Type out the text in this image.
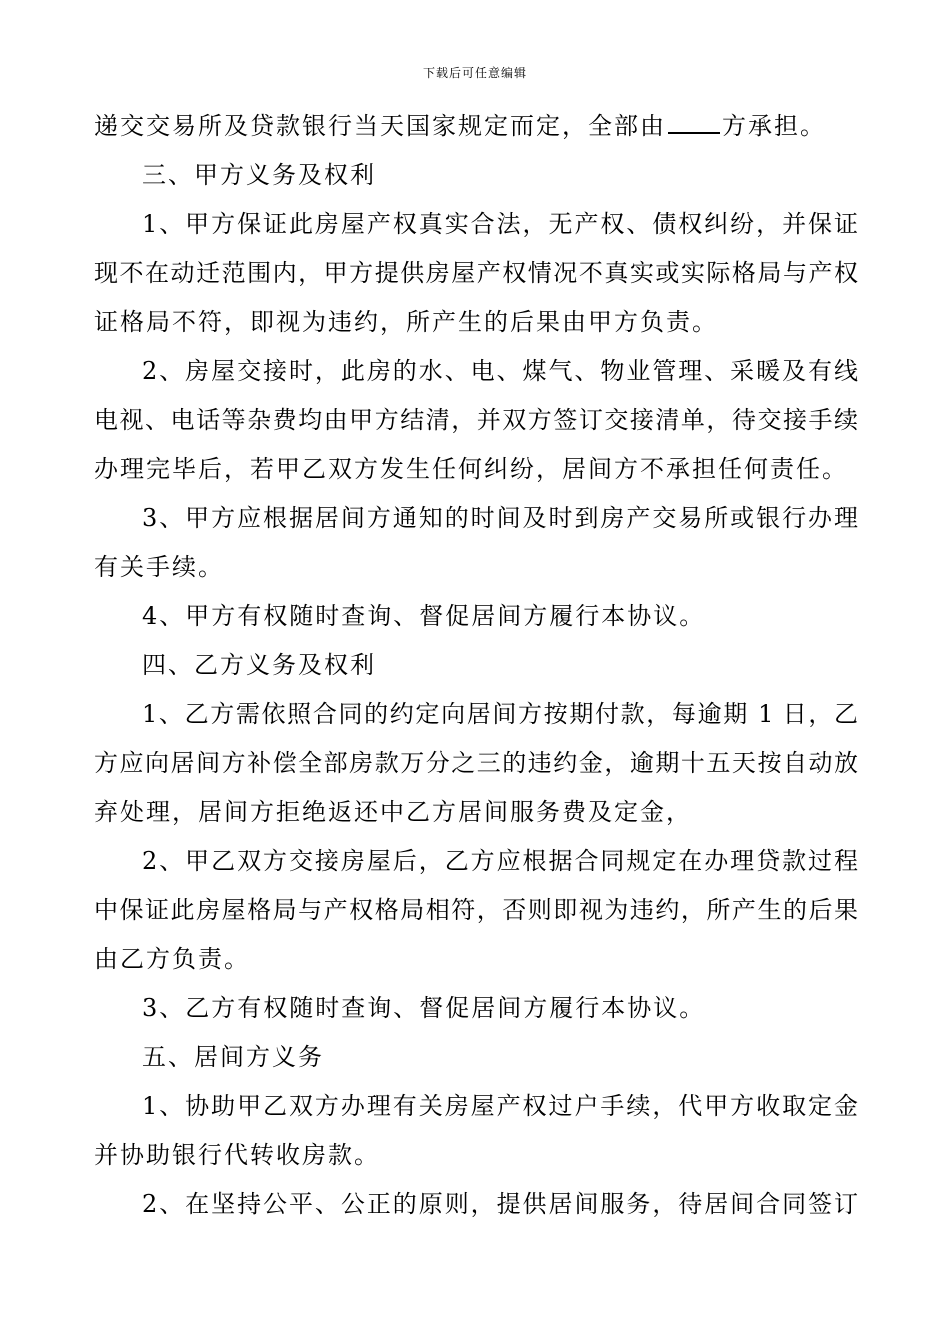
下载后可任意编辑
递交交易所及贷款银行当天国家规定而定，全部由 方承担。
三、甲方义务及权利
1、甲方保证此房屋产权真实合法，无产权、债权纠纷，并保证
现不在动迁范围内，甲方提供房屋产权情况不真实或实际格局与产权
证格局不符，即视为违约，所产生的后果由甲方负责。
2、房屋交接时，此房的水、电、煤气、物业管理、采暖及有线
电视、电话等杂费均由甲方结清，并双方签订交接清单，待交接手续
办理完毕后，若甲乙双方发生任何纠纷，居间方不承担任何责任。
3、甲方应根据居间方通知的时间及时到房产交易所或银行办理
有关手续。
4、甲方有权随时查询、督促居间方履行本协议。
四、乙方义务及权利
1、乙方需依照合同的约定向居间方按期付款，每逾期 1 日，乙
方应向居间方补偿全部房款万分之三的违约金，逾期十五天按自动放
弃处理，居间方拒绝返还中乙方居间服务费及定金，
2、甲乙双方交接房屋后，乙方应根据合同规定在办理贷款过程
中保证此房屋格局与产权格局相符，否则即视为违约，所产生的后果
由乙方负责。
3、乙方有权随时查询、督促居间方履行本协议。
五、居间方义务
1、协助甲乙双方办理有关房屋产权过户手续，代甲方收取定金
并协助银行代转收房款。
2、在坚持公平、公正的原则，提供居间服务，待居间合同签订
